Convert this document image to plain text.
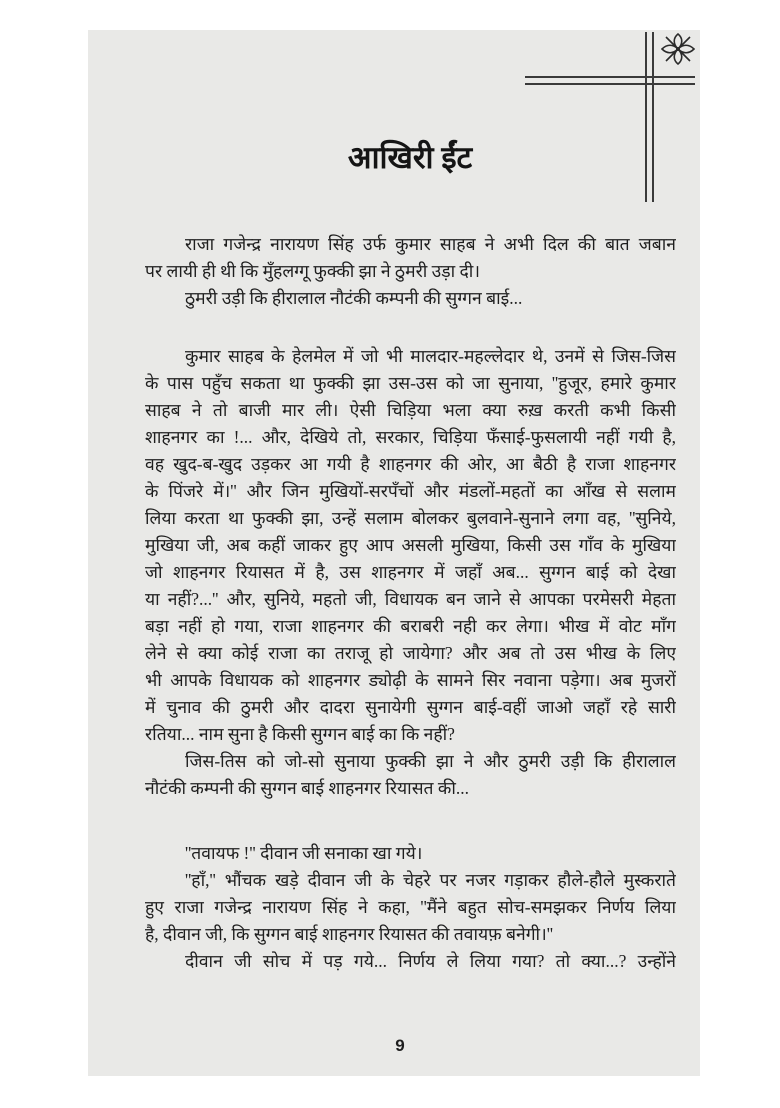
आखिरी ईंट
राजा गजेन्द्र नारायण सिंह उर्फ कुमार साहब ने अभी दिल की बात जबान
पर लायी ही थी कि मुँहलग्गू फुक्की झा ने ठुमरी उड़ा दी।
ठुमरी उड़ी कि हीरालाल नौटंकी कम्पनी की सुग्गन बाई...
कुमार साहब के हेलमेल में जो भी मालदार-महल्लेदार थे, उनमें से जिस-जिस
के पास पहुँच सकता था फुक्की झा उस-उस को जा सुनाया, ''हुजूर, हमारे कुमार
साहब ने तो बाजी मार ली। ऐसी चिड़िया भला क्या रुख़ करती कभी किसी
शाहनगर का !... और, देखिये तो, सरकार, चिड़िया फँसाई-फुसलायी नहीं गयी है,
वह खुद-ब-खुद उड़कर आ गयी है शाहनगर की ओर, आ बैठी है राजा शाहनगर
के पिंजरे में।'' और जिन मुखियों-सरपँचों और मंडलों-महतों का आँख से सलाम
लिया करता था फुक्की झा, उन्हें सलाम बोलकर बुलवाने-सुनाने लगा वह, ''सुनिये,
मुखिया जी, अब कहीं जाकर हुए आप असली मुखिया, किसी उस गाँव के मुखिया
जो शाहनगर रियासत में है, उस शाहनगर में जहाँ अब... सुग्गन बाई को देखा
या नहीं?...'' और, सुनिये, महतो जी, विधायक बन जाने से आपका परमेसरी मेहता
बड़ा नहीं हो गया, राजा शाहनगर की बराबरी नही कर लेगा। भीख में वोट माँग
लेने से क्या कोई राजा का तराजू हो जायेगा? और अब तो उस भीख के लिए
भी आपके विधायक को शाहनगर ड्योढ़ी के सामने सिर नवाना पड़ेगा। अब मुजरों
में चुनाव की ठुमरी और दादरा सुनायेगी सुग्गन बाई-वहीं जाओ जहाँ रहे सारी
रतिया... नाम सुना है किसी सुग्गन बाई का कि नहीं?
जिस-तिस को जो-सो सुनाया फुक्की झा ने और ठुमरी उड़ी कि हीरालाल
नौटंकी कम्पनी की सुग्गन बाई शाहनगर रियासत की...
''तवायफ !'' दीवान जी सनाका खा गये।
''हाँ,'' भौंचक खड़े दीवान जी के चेहरे पर नजर गड़ाकर हौले-हौले मुस्कराते
हुए राजा गजेन्द्र नारायण सिंह ने कहा, ''मैंने बहुत सोच-समझकर निर्णय लिया
है, दीवान जी, कि सुग्गन बाई शाहनगर रियासत की तवायफ़ बनेगी।''
दीवान जी सोच में पड़ गये... निर्णय ले लिया गया? तो क्या...? उन्होंने
9
